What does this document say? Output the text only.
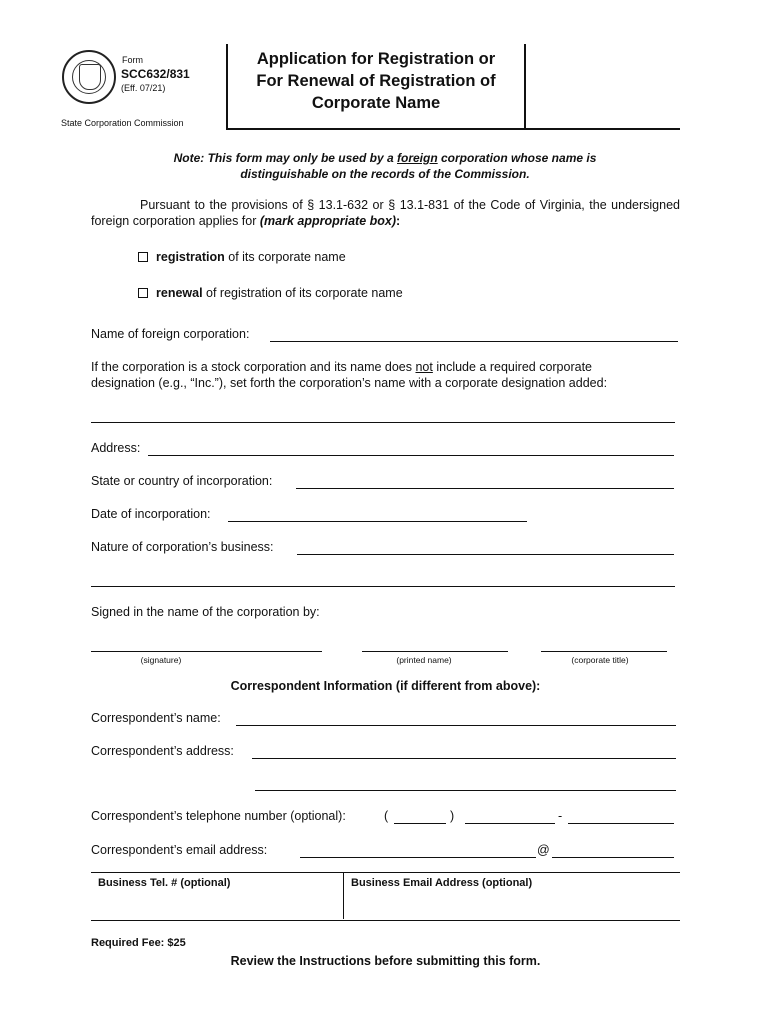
Form
SCC632/831
(Eff. 07/21)
State Corporation Commission
Application for Registration or
For Renewal of Registration of
Corporate Name
Note: This form may only be used by a foreign corporation whose name is
distinguishable on the records of the Commission.
Pursuant to the provisions of § 13.1-632 or § 13.1-831 of the Code of Virginia, the undersigned foreign corporation applies for (mark appropriate box):
registration of its corporate name
renewal of registration of its corporate name
Name of foreign corporation:
If the corporation is a stock corporation and its name does not include a required corporate
designation (e.g., “Inc.”), set forth the corporation’s name with a corporate designation added:
Address:
State or country of incorporation:
Date of incorporation:
Nature of corporation’s business:
Signed in the name of the corporation by:
(signature)	(printed name)	(corporate title)
Correspondent Information (if different from above):
Correspondent’s name:
Correspondent’s address:
Correspondent’s telephone number (optional):	(	)	-
Correspondent’s email address:	@
Business Tel. # (optional)	Business Email Address (optional)
Required Fee: $25
Review the Instructions before submitting this form.
